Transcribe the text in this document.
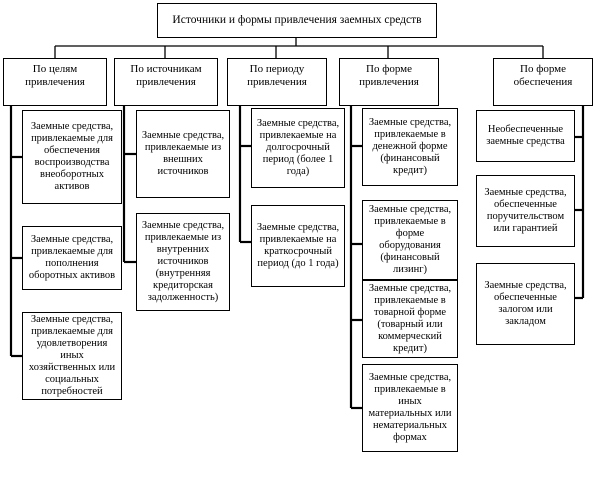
Источники и формы привлечения заемных средств
По целям привлечения
По источникам привлечения
По периоду привлечения
По форме привлечения
По форме обеспечения
Заемные средства, привлекаемые для обеспечения воспроизводства внеоборотных активов
Заемные средства, привлекаемые для пополнения оборотных активов
Заемные средства, привлекаемые для удовлетворения иных хозяйственных или социальных потребностей
Заемные средства, привлекаемые из внешних источников
Заемные средства, привлекаемые из внутренних источников (внутренняя кредиторская задолженность)
Заемные средства, привлекаемые на долгосрочный период (более 1 года)
Заемные средства, привлекаемые на краткосрочный период (до 1 года)
Заемные средства, привлекаемые в денежной форме (финансовый кредит)
Заемные средства, привлекаемые в форме оборудования (финансовый лизинг)
Заемные средства, привлекаемые в товарной форме (товарный или коммерческий кредит)
Заемные средства, привлекаемые в иных материальных или нематериальных формах
Необеспеченные заемные средства
Заемные средства, обеспеченные поручительством или гарантией
Заемные средства, обеспеченные залогом или закладом
